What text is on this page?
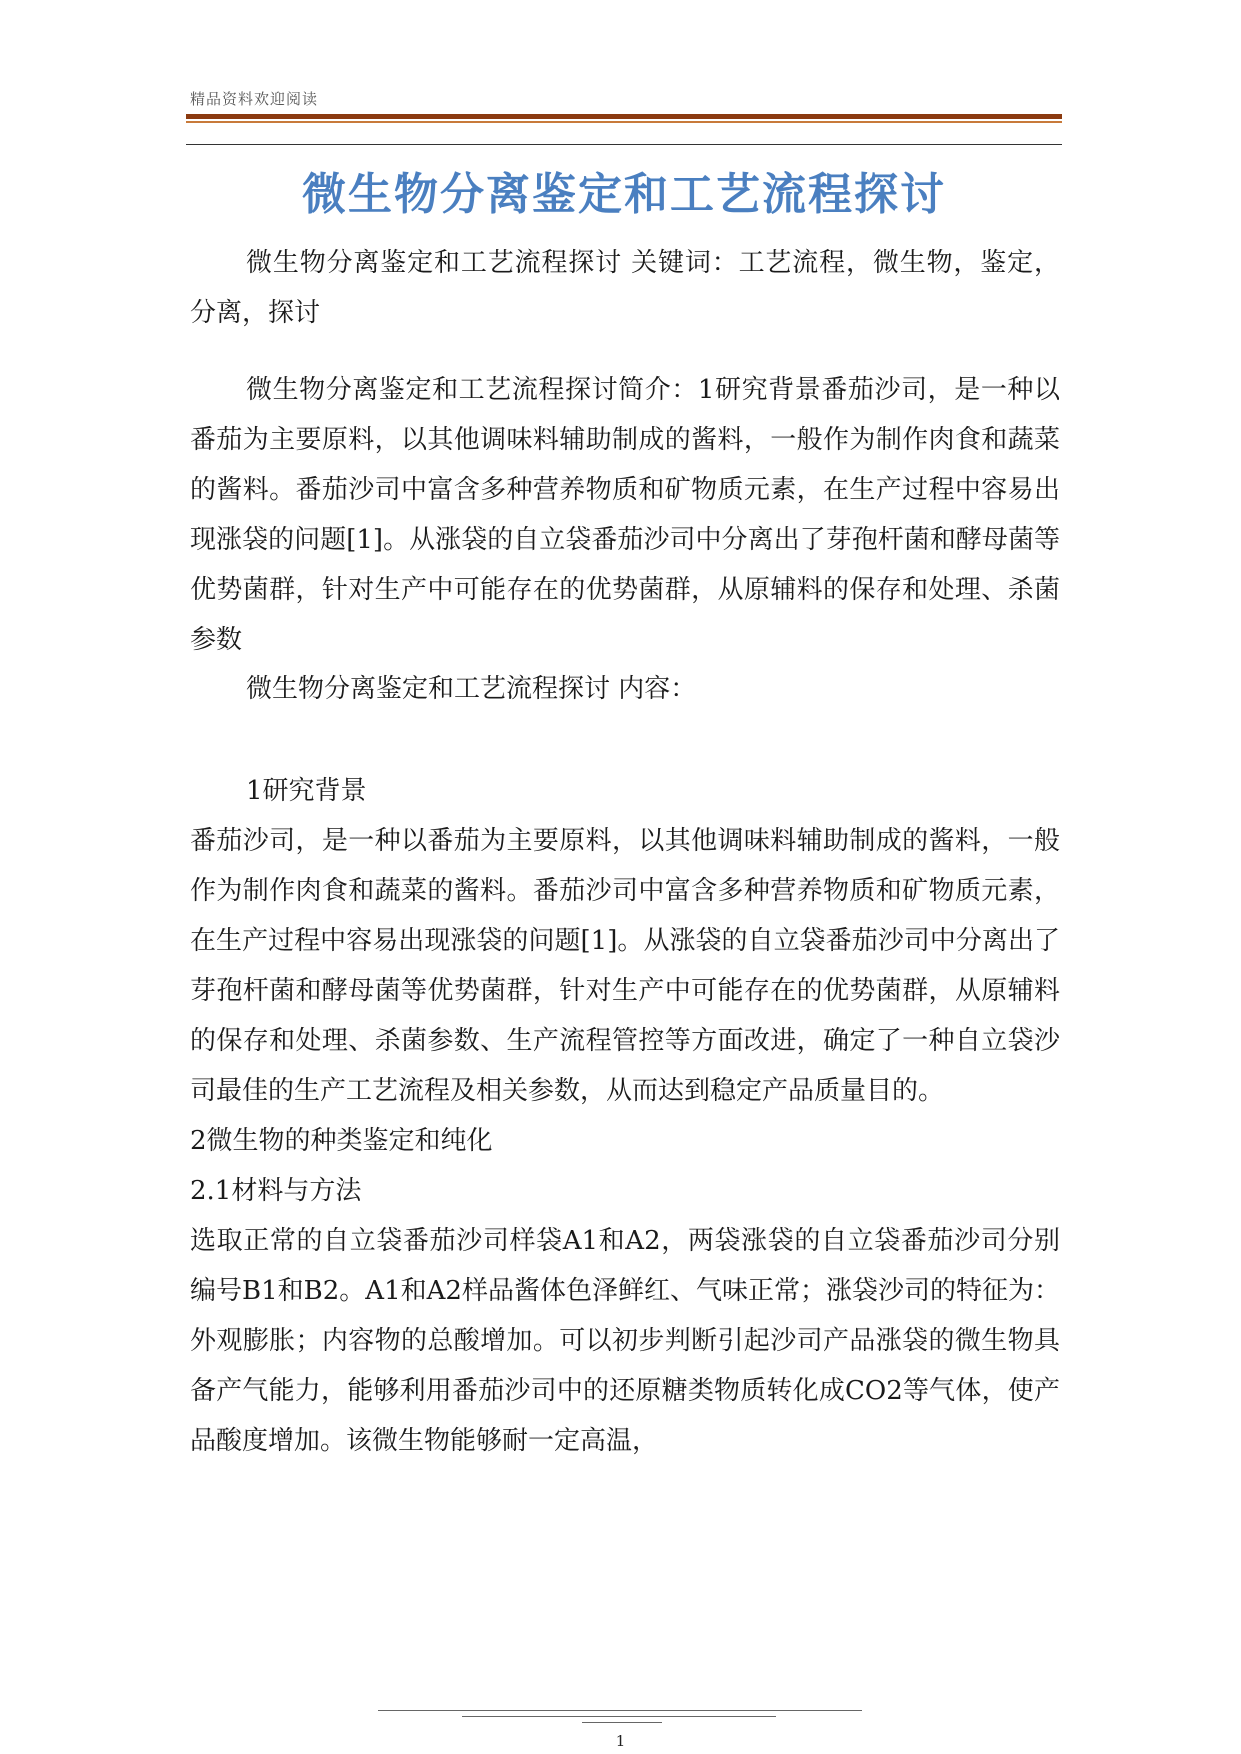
精品资料欢迎阅读
微生物分离鉴定和工艺流程探讨

微生物分离鉴定和工艺流程探讨 关键词：工艺流程，微生物，鉴定，分离，探讨

微生物分离鉴定和工艺流程探讨简介：1研究背景番茄沙司，是一种以番茄为主要原料，以其他调味料辅助制成的酱料，一般作为制作肉食和蔬菜的酱料。番茄沙司中富含多种营养物质和矿物质元素，在生产过程中容易出现涨袋的问题[1]。从涨袋的自立袋番茄沙司中分离出了芽孢杆菌和酵母菌等优势菌群，针对生产中可能存在的优势菌群，从原辅料的保存和处理、杀菌参数

微生物分离鉴定和工艺流程探讨 内容：

1研究背景

番茄沙司，是一种以番茄为主要原料，以其他调味料辅助制成的酱料，一般作为制作肉食和蔬菜的酱料。番茄沙司中富含多种营养物质和矿物质元素，在生产过程中容易出现涨袋的问题[1]。从涨袋的自立袋番茄沙司中分离出了芽孢杆菌和酵母菌等优势菌群，针对生产中可能存在的优势菌群，从原辅料的保存和处理、杀菌参数、生产流程管控等方面改进，确定了一种自立袋沙司最佳的生产工艺流程及相关参数，从而达到稳定产品质量目的。

2微生物的种类鉴定和纯化

2.1材料与方法

选取正常的自立袋番茄沙司样袋A1和A2，两袋涨袋的自立袋番茄沙司分别编号B1和B2。A1和A2样品酱体色泽鲜红、气味正常；涨袋沙司的特征为：外观膨胀；内容物的总酸增加。可以初步判断引起沙司产品涨袋的微生物具备产气能力，能够利用番茄沙司中的还原糖类物质转化成CO2等气体，使产品酸度增加。该微生物能够耐一定高温，

1
